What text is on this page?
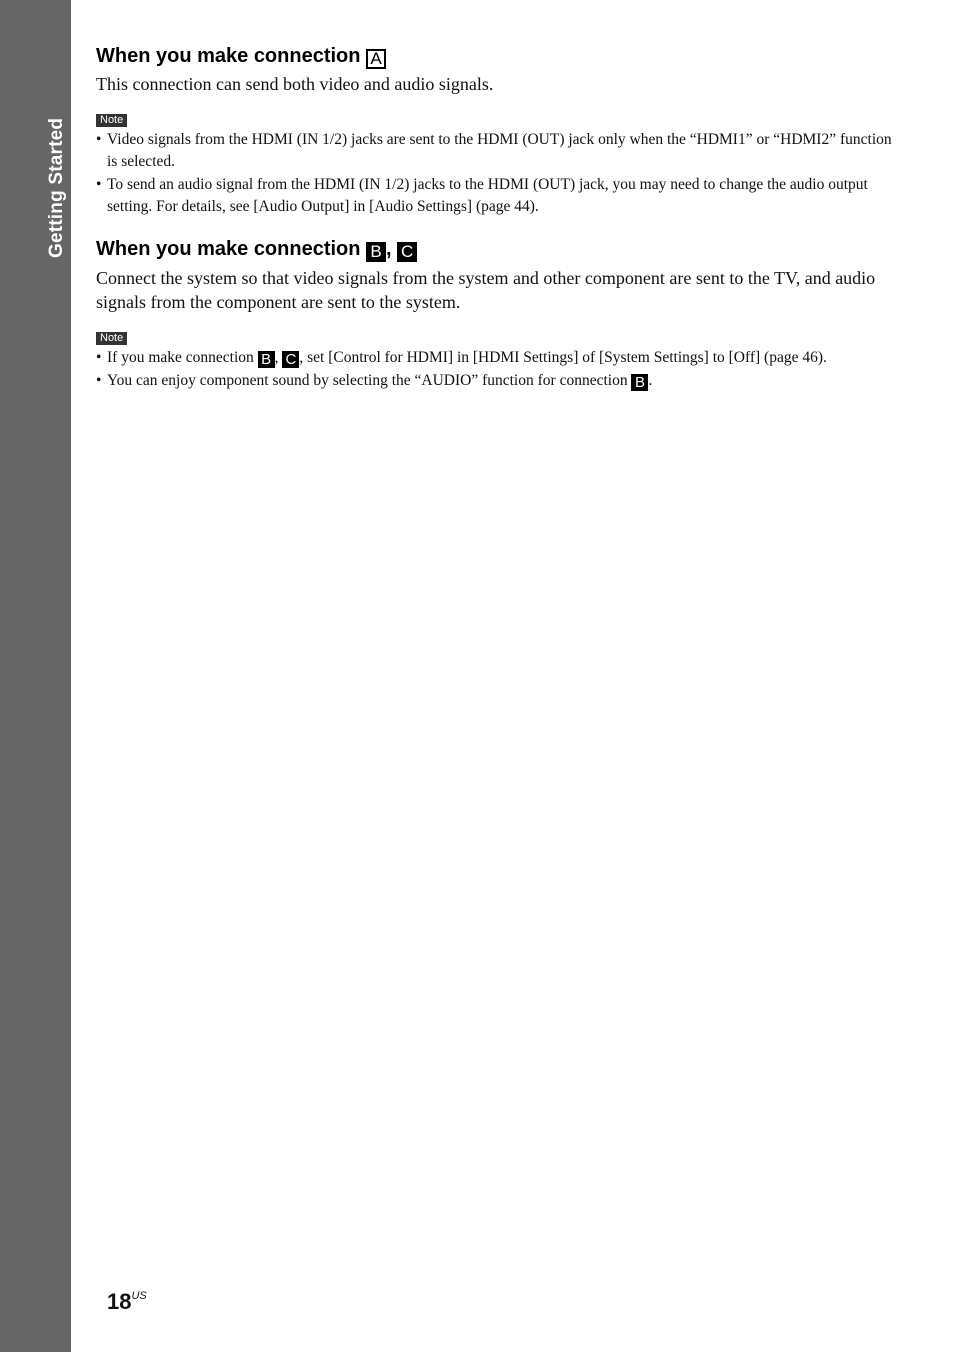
Getting Started
When you make connection A

This connection can send both video and audio signals.

Note
• Video signals from the HDMI (IN 1/2) jacks are sent to the HDMI (OUT) jack only when the “HDMI1” or “HDMI2” function is selected.
• To send an audio signal from the HDMI (IN 1/2) jacks to the HDMI (OUT) jack, you may need to change the audio output setting. For details, see [Audio Output] in [Audio Settings] (page 44).
When you make connection B , C

Connect the system so that video signals from the system and other component are sent to the TV, and audio signals from the component are sent to the system.

Note
• If you make connection B , C , set [Control for HDMI] in [HDMI Settings] of [System Settings] to [Off] (page 46).
• You can enjoy component sound by selecting the “AUDIO” function for connection B .
$18^{US}$
